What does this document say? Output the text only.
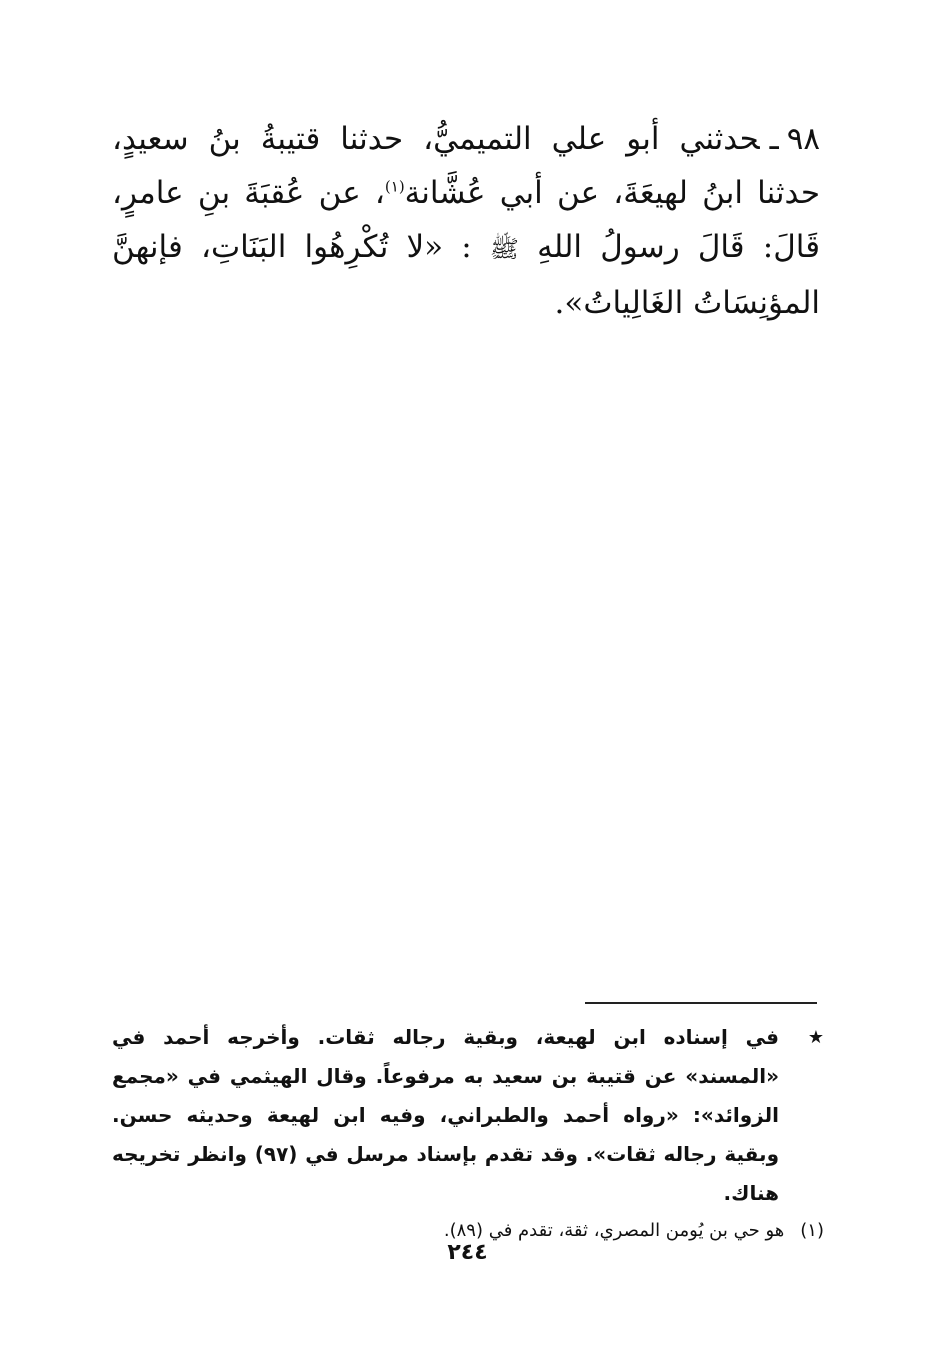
٩٨ـحدثني أبو علي التميميُّ، حدثنا قتيبةُ بنُ سعيدٍ، حدثنا ابنُ لهيعَةَ، عن أبي عُشَّانة$^{(١)}$، عن عُقبَةَ بنِ عامرٍ، قَالَ: قَالَ رسولُ اللهِ ﷺ : «لا تُكْرِهُوا البَنَاتِ، فإنهنَّ المؤنِسَاتُ الغَالِياتُ».
★
في إسناده ابن لهيعة، وبقية رجاله ثقات. وأخرجه أحمد في «المسند» عن قتيبة بن سعيد به مرفوعاً. وقال الهيثمي في «مجمع الزوائد»: «رواه أحمد والطبراني، وفيه ابن لهيعة وحديثه حسن. وبقية رجاله ثقات». وقد تقدم بإسناد مرسل في (٩٧) وانظر تخريجه هناك.
(١)هو حي بن يُومن المصري، ثقة، تقدم في (٨٩).
٢٤٤
